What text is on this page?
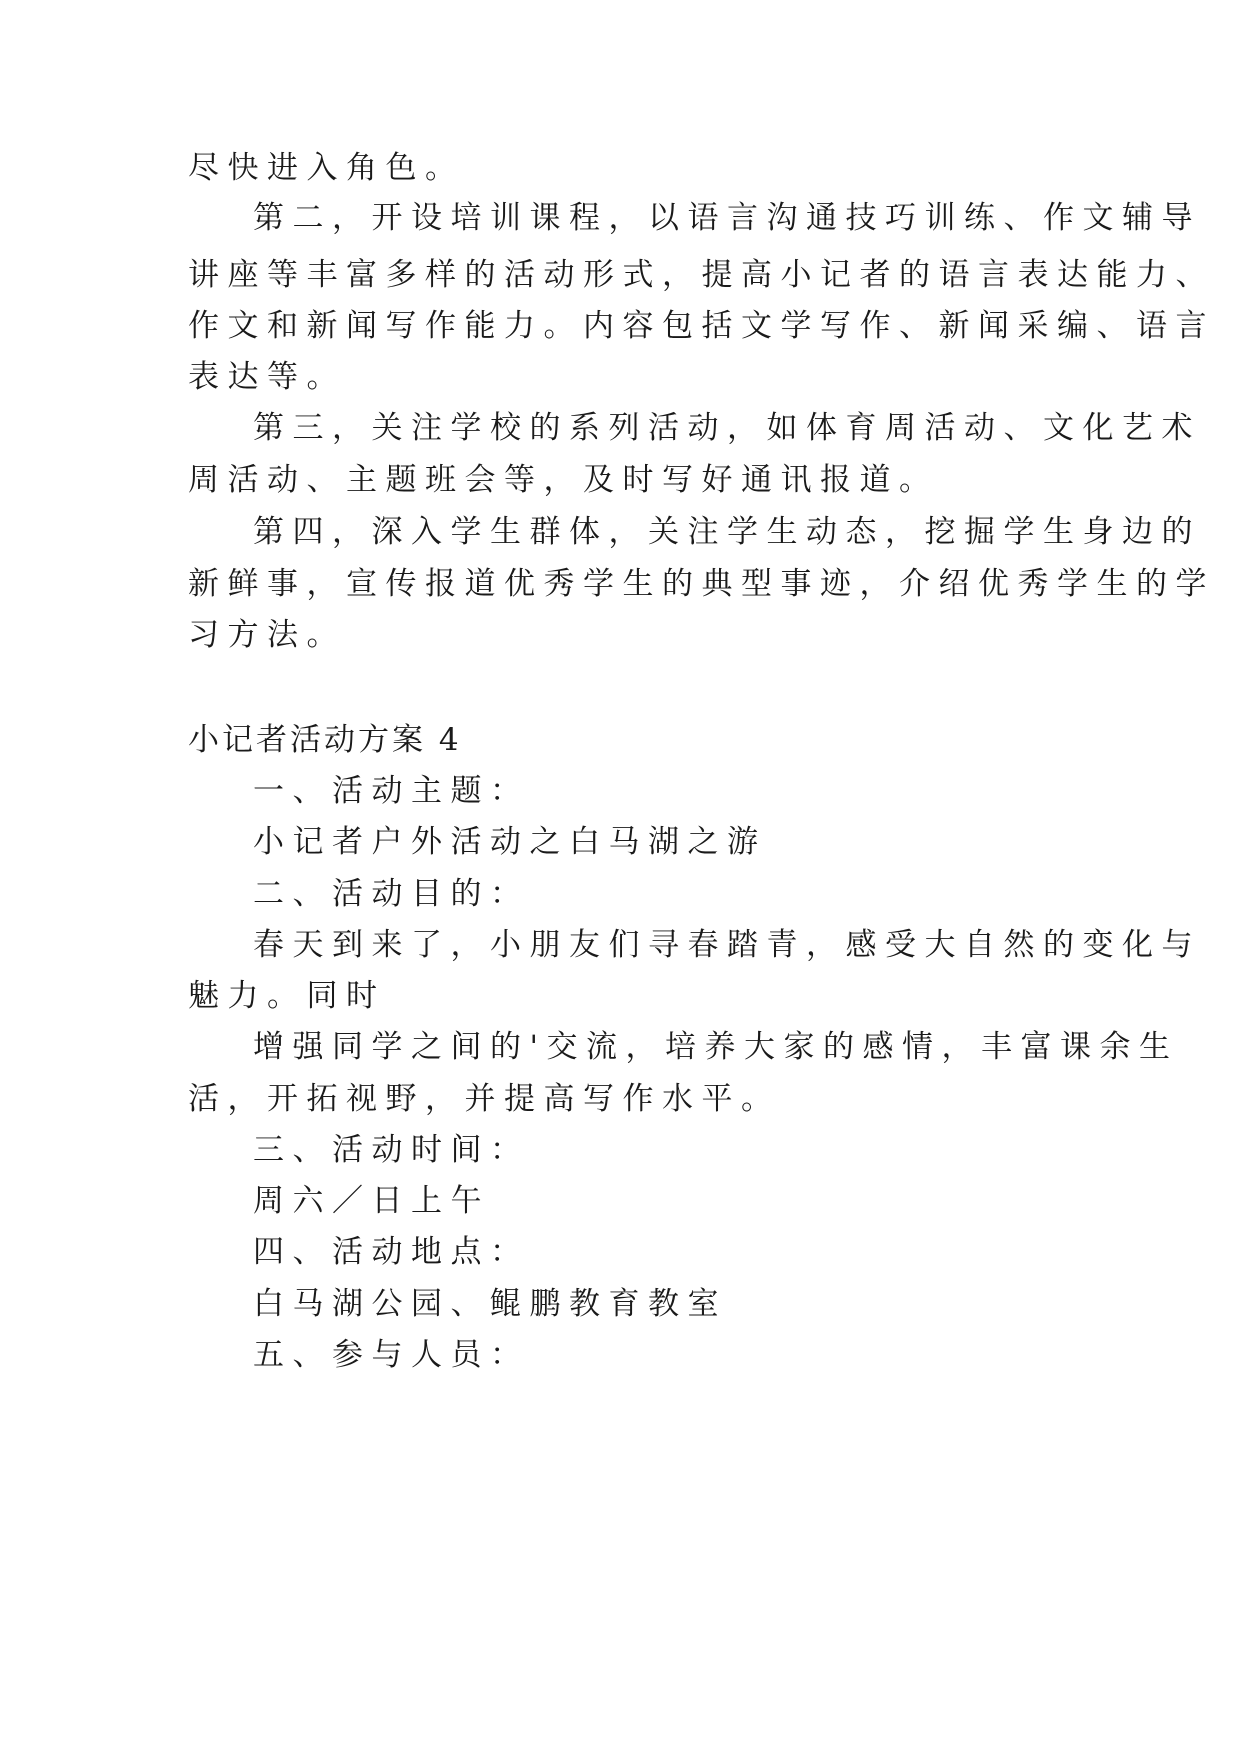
尽快进入角色。
第二，开设培训课程，以语言沟通技巧训练、作文辅导
讲座等丰富多样的活动形式，提高小记者的语言表达能力、
作文和新闻写作能力。内容包括文学写作、新闻采编、语言
表达等。
第三，关注学校的系列活动，如体育周活动、文化艺术
周活动、主题班会等，及时写好通讯报道。
第四，深入学生群体，关注学生动态，挖掘学生身边的
新鲜事，宣传报道优秀学生的典型事迹，介绍优秀学生的学
习方法。
小记者活动方案 4
一、活动主题：
小记者户外活动之白马湖之游
二、活动目的：
春天到来了，小朋友们寻春踏青，感受大自然的变化与
魅力。同时
增强同学之间的'交流，培养大家的感情，丰富课余生
活，开拓视野，并提高写作水平。
三、活动时间：
周六／日上午
四、活动地点：
白马湖公园、鲲鹏教育教室
五、参与人员：
